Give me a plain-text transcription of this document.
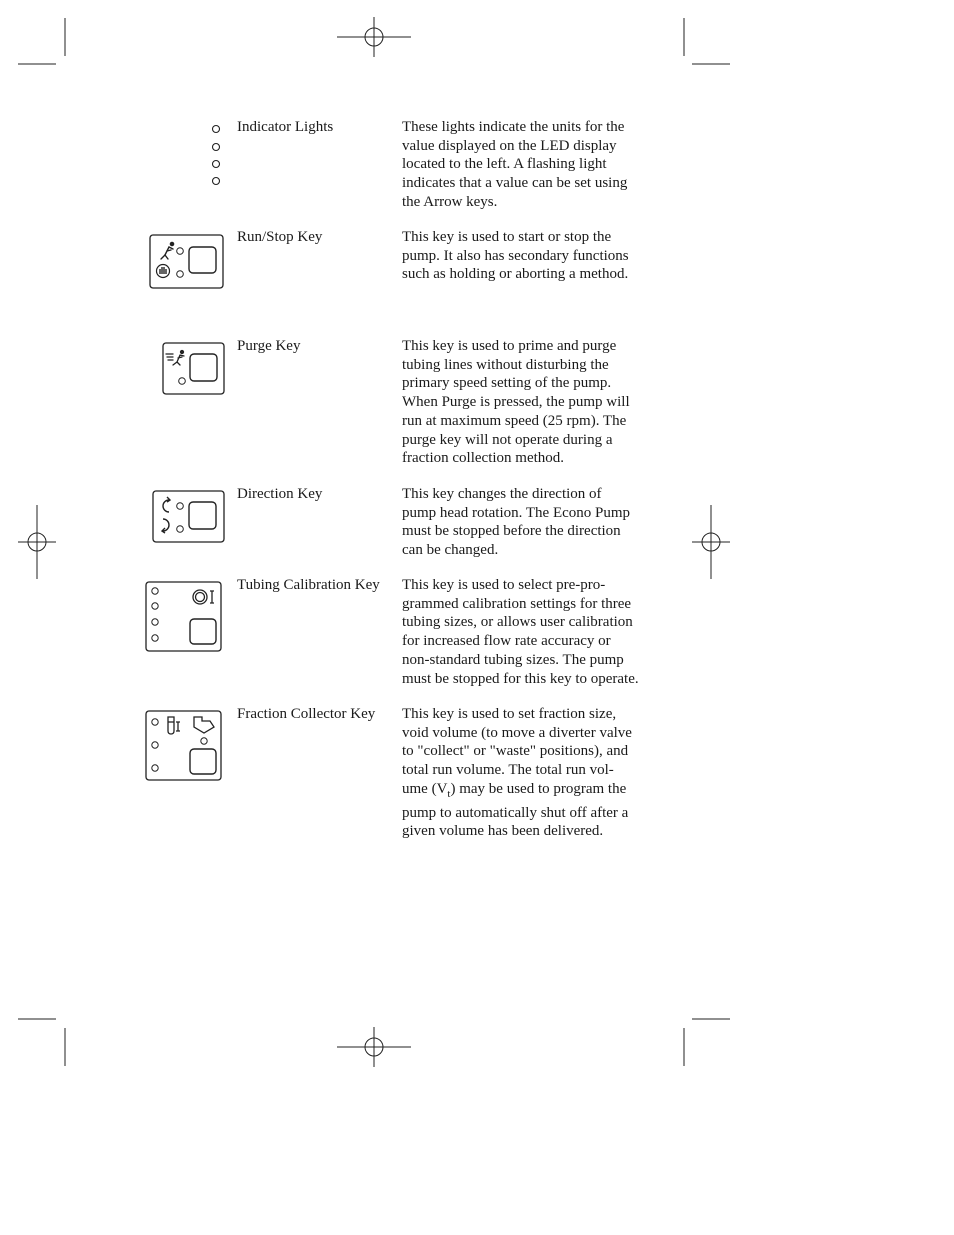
Indicator Lights	These lights indicate the units for the
value displayed on the LED display
located to the left. A flashing light
indicates that a value can be set using
the Arrow keys.
Run/Stop Key	This key is used to start or stop the
pump. It also has secondary functions
such as holding or aborting a method.
Purge Key	This key is used to prime and purge
tubing lines without disturbing the
primary speed setting of the pump.
When Purge is pressed, the pump will
run at maximum speed (25 rpm). The
purge key will not operate during a
fraction collection method.
Direction Key	This key changes the direction of
pump head rotation. The Econo Pump
must be stopped before the direction
can be changed.
Tubing Calibration Key This key is used to select pre-pro-
grammed calibration settings for three
tubing sizes, or allows user calibration
for increased flow rate accuracy or
non-standard tubing sizes. The pump
must be stopped for this key to operate.
Fraction Collector Key This key is used to set fraction size,
void volume (to move a diverter valve
to "collect" or "waste" positions), and
total run volume. The total run vol-
ume $(V_t)$ may be used to program the
pump to automatically shut off after a
given volume has been delivered.
